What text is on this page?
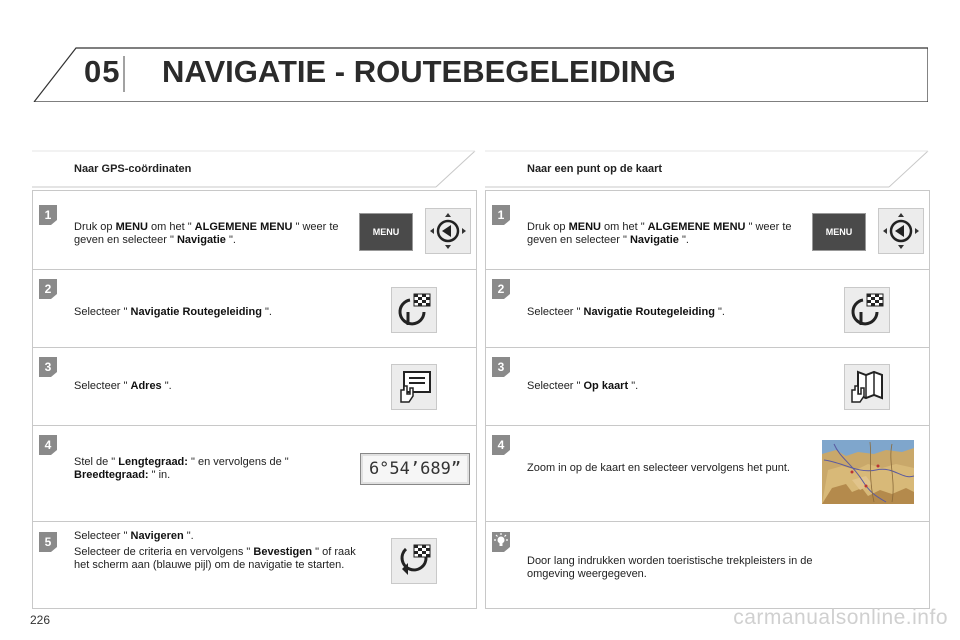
05 NAVIGATIE - ROUTEBEGELEIDING
Naar GPS-coördinaten	Naar een punt op de kaart
1
Druk op MENU om het " ALGEMENE MENU " weer te geven en selecteer " Navigatie ".
MENU
2
Selecteer " Navigatie Routegeleiding ".
3
Selecteer " Adres ".
4
Stel de " Lengtegraad: " en vervolgens de " Breedtegraad: " in.	6°54’689”
5 Selecteer " Navigeren ".
Selecteer de criteria en vervolgens " Bevestigen " of raak het scherm aan (blauwe pijl) om de navigatie te starten.
1
Druk op MENU om het " ALGEMENE MENU " weer te geven en selecteer " Navigatie ".
MENU
2
Selecteer " Navigatie Routegeleiding ".
3
Selecteer " Op kaart ".
4
Zoom in op de kaart en selecteer vervolgens het punt.
Door lang indrukken worden toeristische trekpleisters in de omgeving weergegeven.
226	carmanualsonline.info
